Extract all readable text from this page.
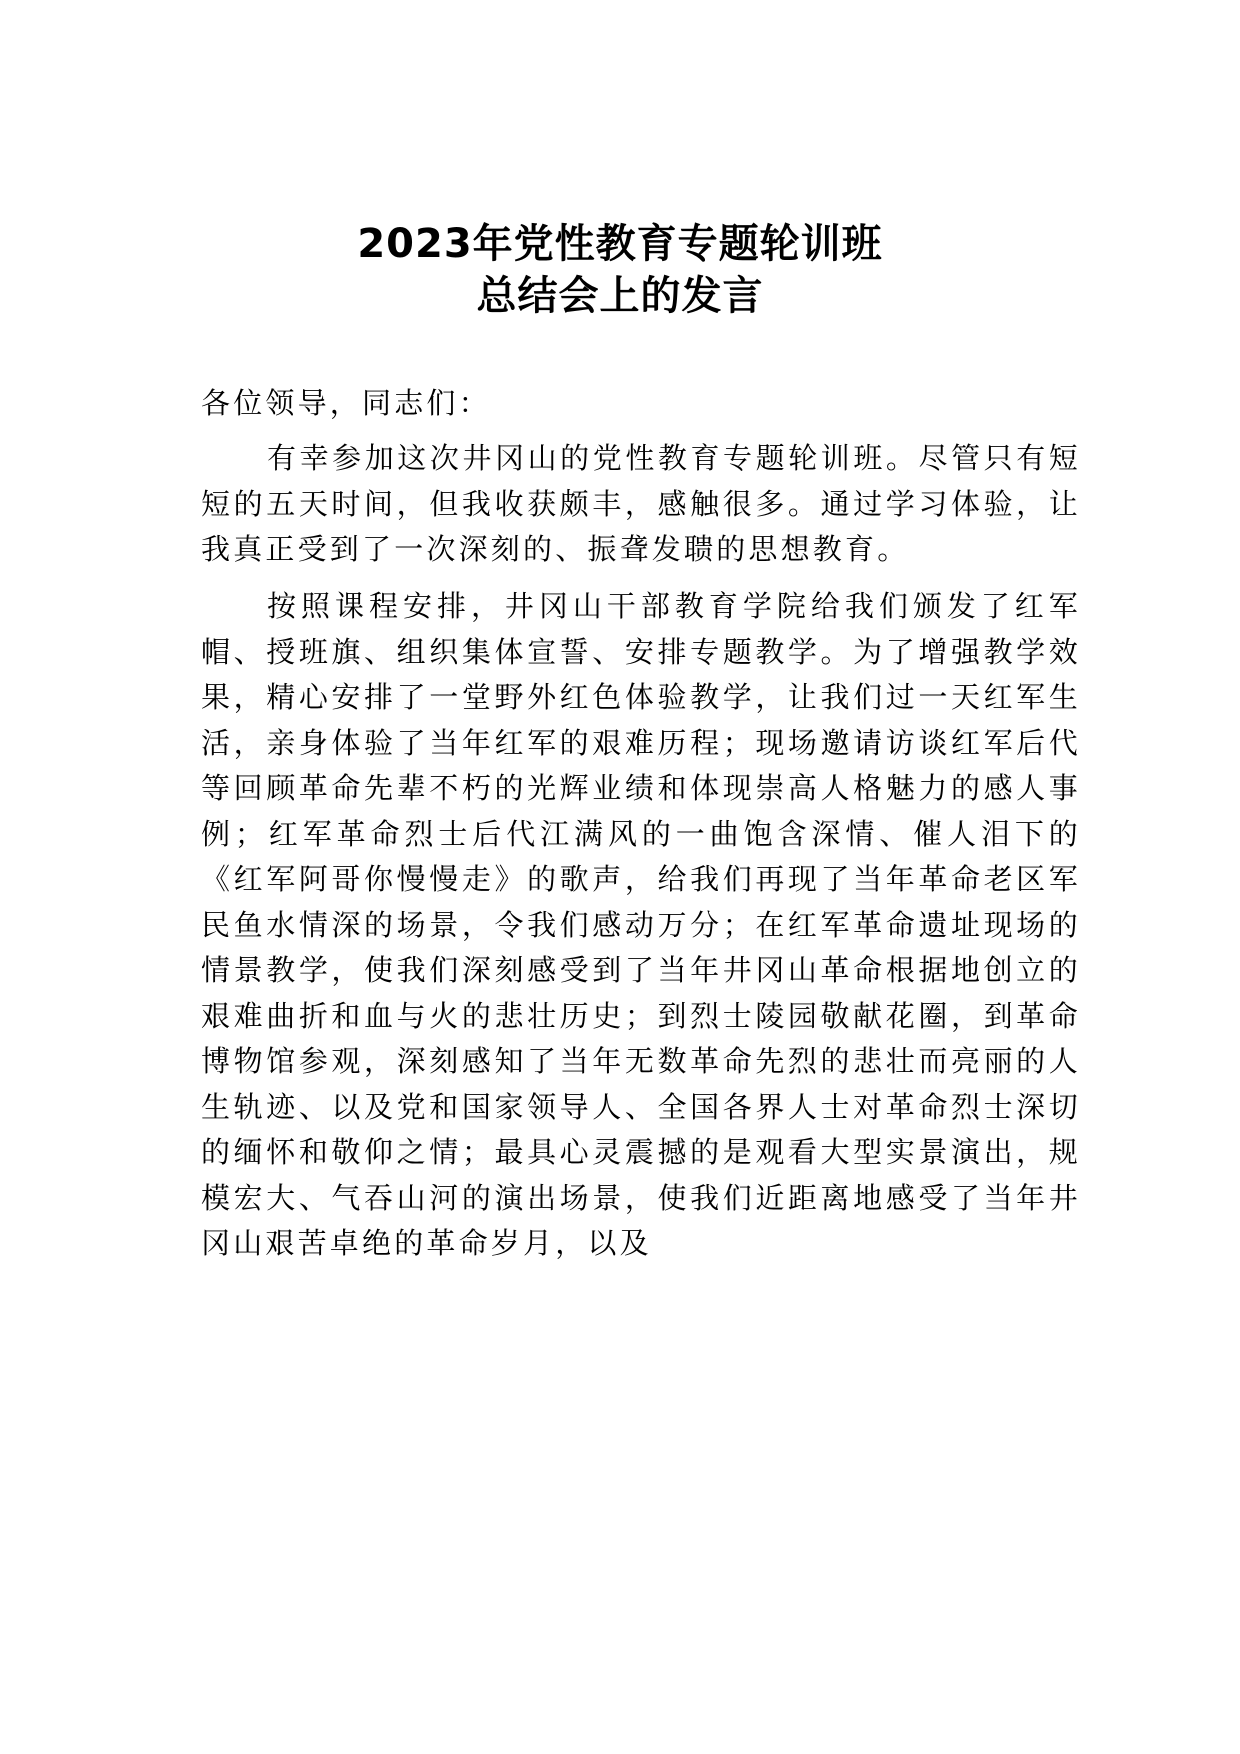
2023年党性教育专题轮训班
总结会上的发言
各位领导，同志们：

有幸参加这次井冈山的党性教育专题轮训班。尽管只有短短的五天时间，但我收获颇丰，感触很多。通过学习体验，让我真正受到了一次深刻的、振聋发聩的思想教育。

按照课程安排，井冈山干部教育学院给我们颁发了红军帽、授班旗、组织集体宣誓、安排专题教学。为了增强教学效果，精心安排了一堂野外红色体验教学，让我们过一天红军生活，亲身体验了当年红军的艰难历程；现场邀请访谈红军后代等回顾革命先辈不朽的光辉业绩和体现崇高人格魅力的感人事例；红军革命烈士后代江满风的一曲饱含深情、催人泪下的《红军阿哥你慢慢走》的歌声，给我们再现了当年革命老区军民鱼水情深的场景，令我们感动万分；在红军革命遗址现场的情景教学，使我们深刻感受到了当年井冈山革命根据地创立的艰难曲折和血与火的悲壮历史；到烈士陵园敬献花圈，到革命博物馆参观，深刻感知了当年无数革命先烈的悲壮而亮丽的人生轨迹、以及党和国家领导人、全国各界人士对革命烈士深切的缅怀和敬仰之情；最具心灵震撼的是观看大型实景演出，规模宏大、气吞山河的演出场景，使我们近距离地感受了当年井冈山艰苦卓绝的革命岁月，以及
